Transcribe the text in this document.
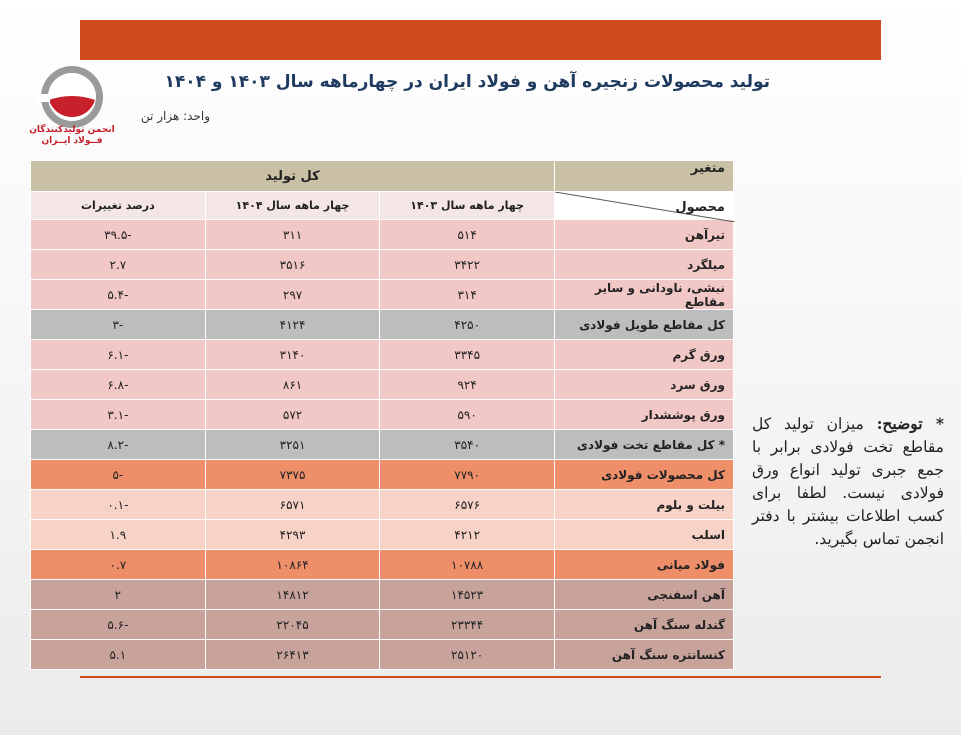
انجمن تولیدکنندگان
فــولاد ایــران
تولید محصولات زنجیره آهن و فولاد ایران در چهارماهه سال ۱۴۰۳ و ۱۴۰۴
واحد: هزار تن
متغیر	کل تولید		

محصول	چهار ماهه سال ۱۴۰۳	چهار ماهه سال ۱۴۰۴	درصد تغییرات
تیرآهن	۵۱۴	۳۱۱	-۳۹.۵
میلگرد	۳۴۲۲	۳۵۱۶	۲.۷
نبشی، ناودانی و سایر مقاطع	۳۱۴	۲۹۷	-۵.۴
کل مقاطع طویل فولادی	۴۲۵۰	۴۱۲۴	-۳
ورق گرم	۳۳۴۵	۳۱۴۰	-۶.۱
ورق سرد	۹۲۴	۸۶۱	-۶.۸
ورق پوششدار	۵۹۰	۵۷۲	-۳.۱
* کل مقاطع تخت فولادی	۳۵۴۰	۳۲۵۱	-۸.۲
کل محصولات فولادی	۷۷۹۰	۷۳۷۵	-۵
بیلت و بلوم	۶۵۷۶	۶۵۷۱	-۰.۱
اسلب	۴۲۱۲	۴۲۹۳	۱.۹
فولاد میانی	۱۰۷۸۸	۱۰۸۶۴	۰.۷
آهن اسفنجی	۱۴۵۲۳	۱۴۸۱۲	۲
گندله سنگ آهن	۲۳۳۴۴	۲۲۰۴۵	-۵.۶
کنسانتره سنگ آهن	۲۵۱۲۰	۲۶۴۱۳	۵.۱
* توضیح: میزان تولید کل مقاطع تخت فولادی برابر با جمع جبری تولید انواع ورق فولادی نیست. لطفا برای کسب اطلاعات بیشتر با دفتر انجمن تماس بگیرید.
